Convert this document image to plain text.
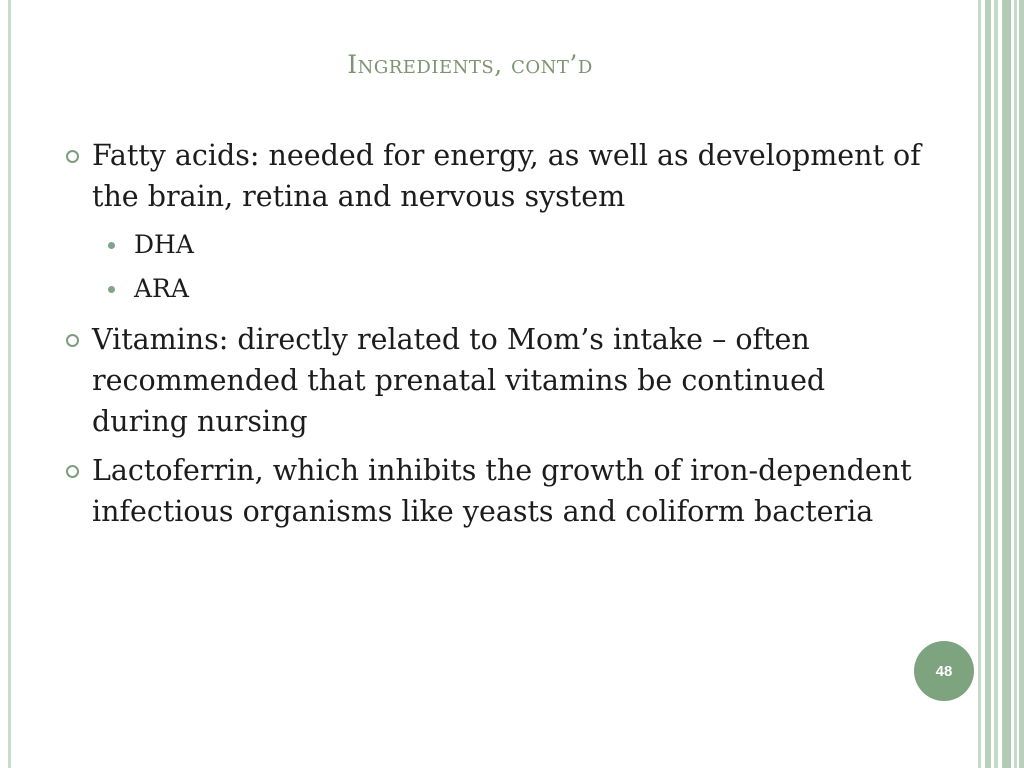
Ingredients, cont’d
Fatty acids: needed for energy, as well as development of the brain, retina and nervous system
DHA
ARA
Vitamins: directly related to Mom’s intake – often recommended that prenatal vitamins be continued during nursing
Lactoferrin, which inhibits the growth of iron-dependent infectious organisms like yeasts and coliform bacteria
48
